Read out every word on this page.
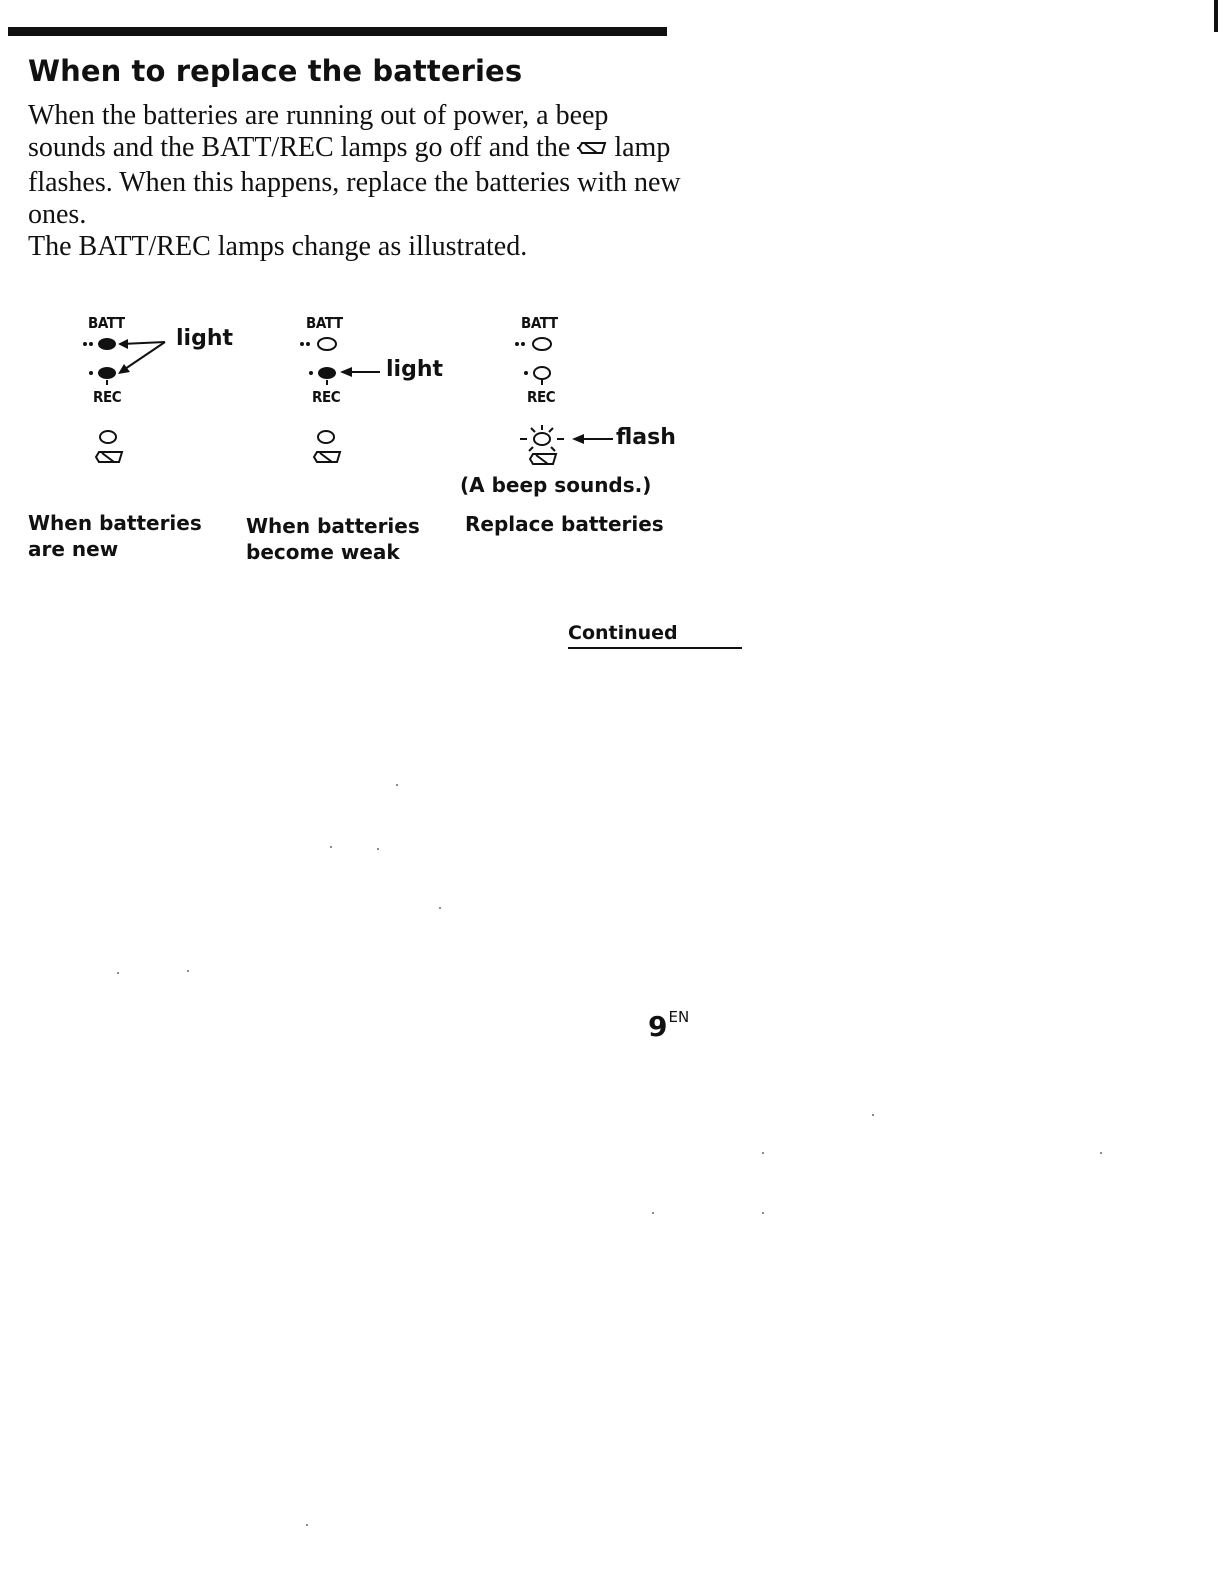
When to replace the batteries

When the batteries are running out of power, a beep sounds and the BATT/REC lamps go off and the lamp flashes. When this happens, replace the batteries with new ones.

The BATT/REC lamps change as illustrated.

BATT
REC
light
When batteries
are new
BATT
REC
light
When batteries
become weak
BATT
REC
flash
(A beep sounds.)
Replace batteries
Continued
$9^{EN}$
